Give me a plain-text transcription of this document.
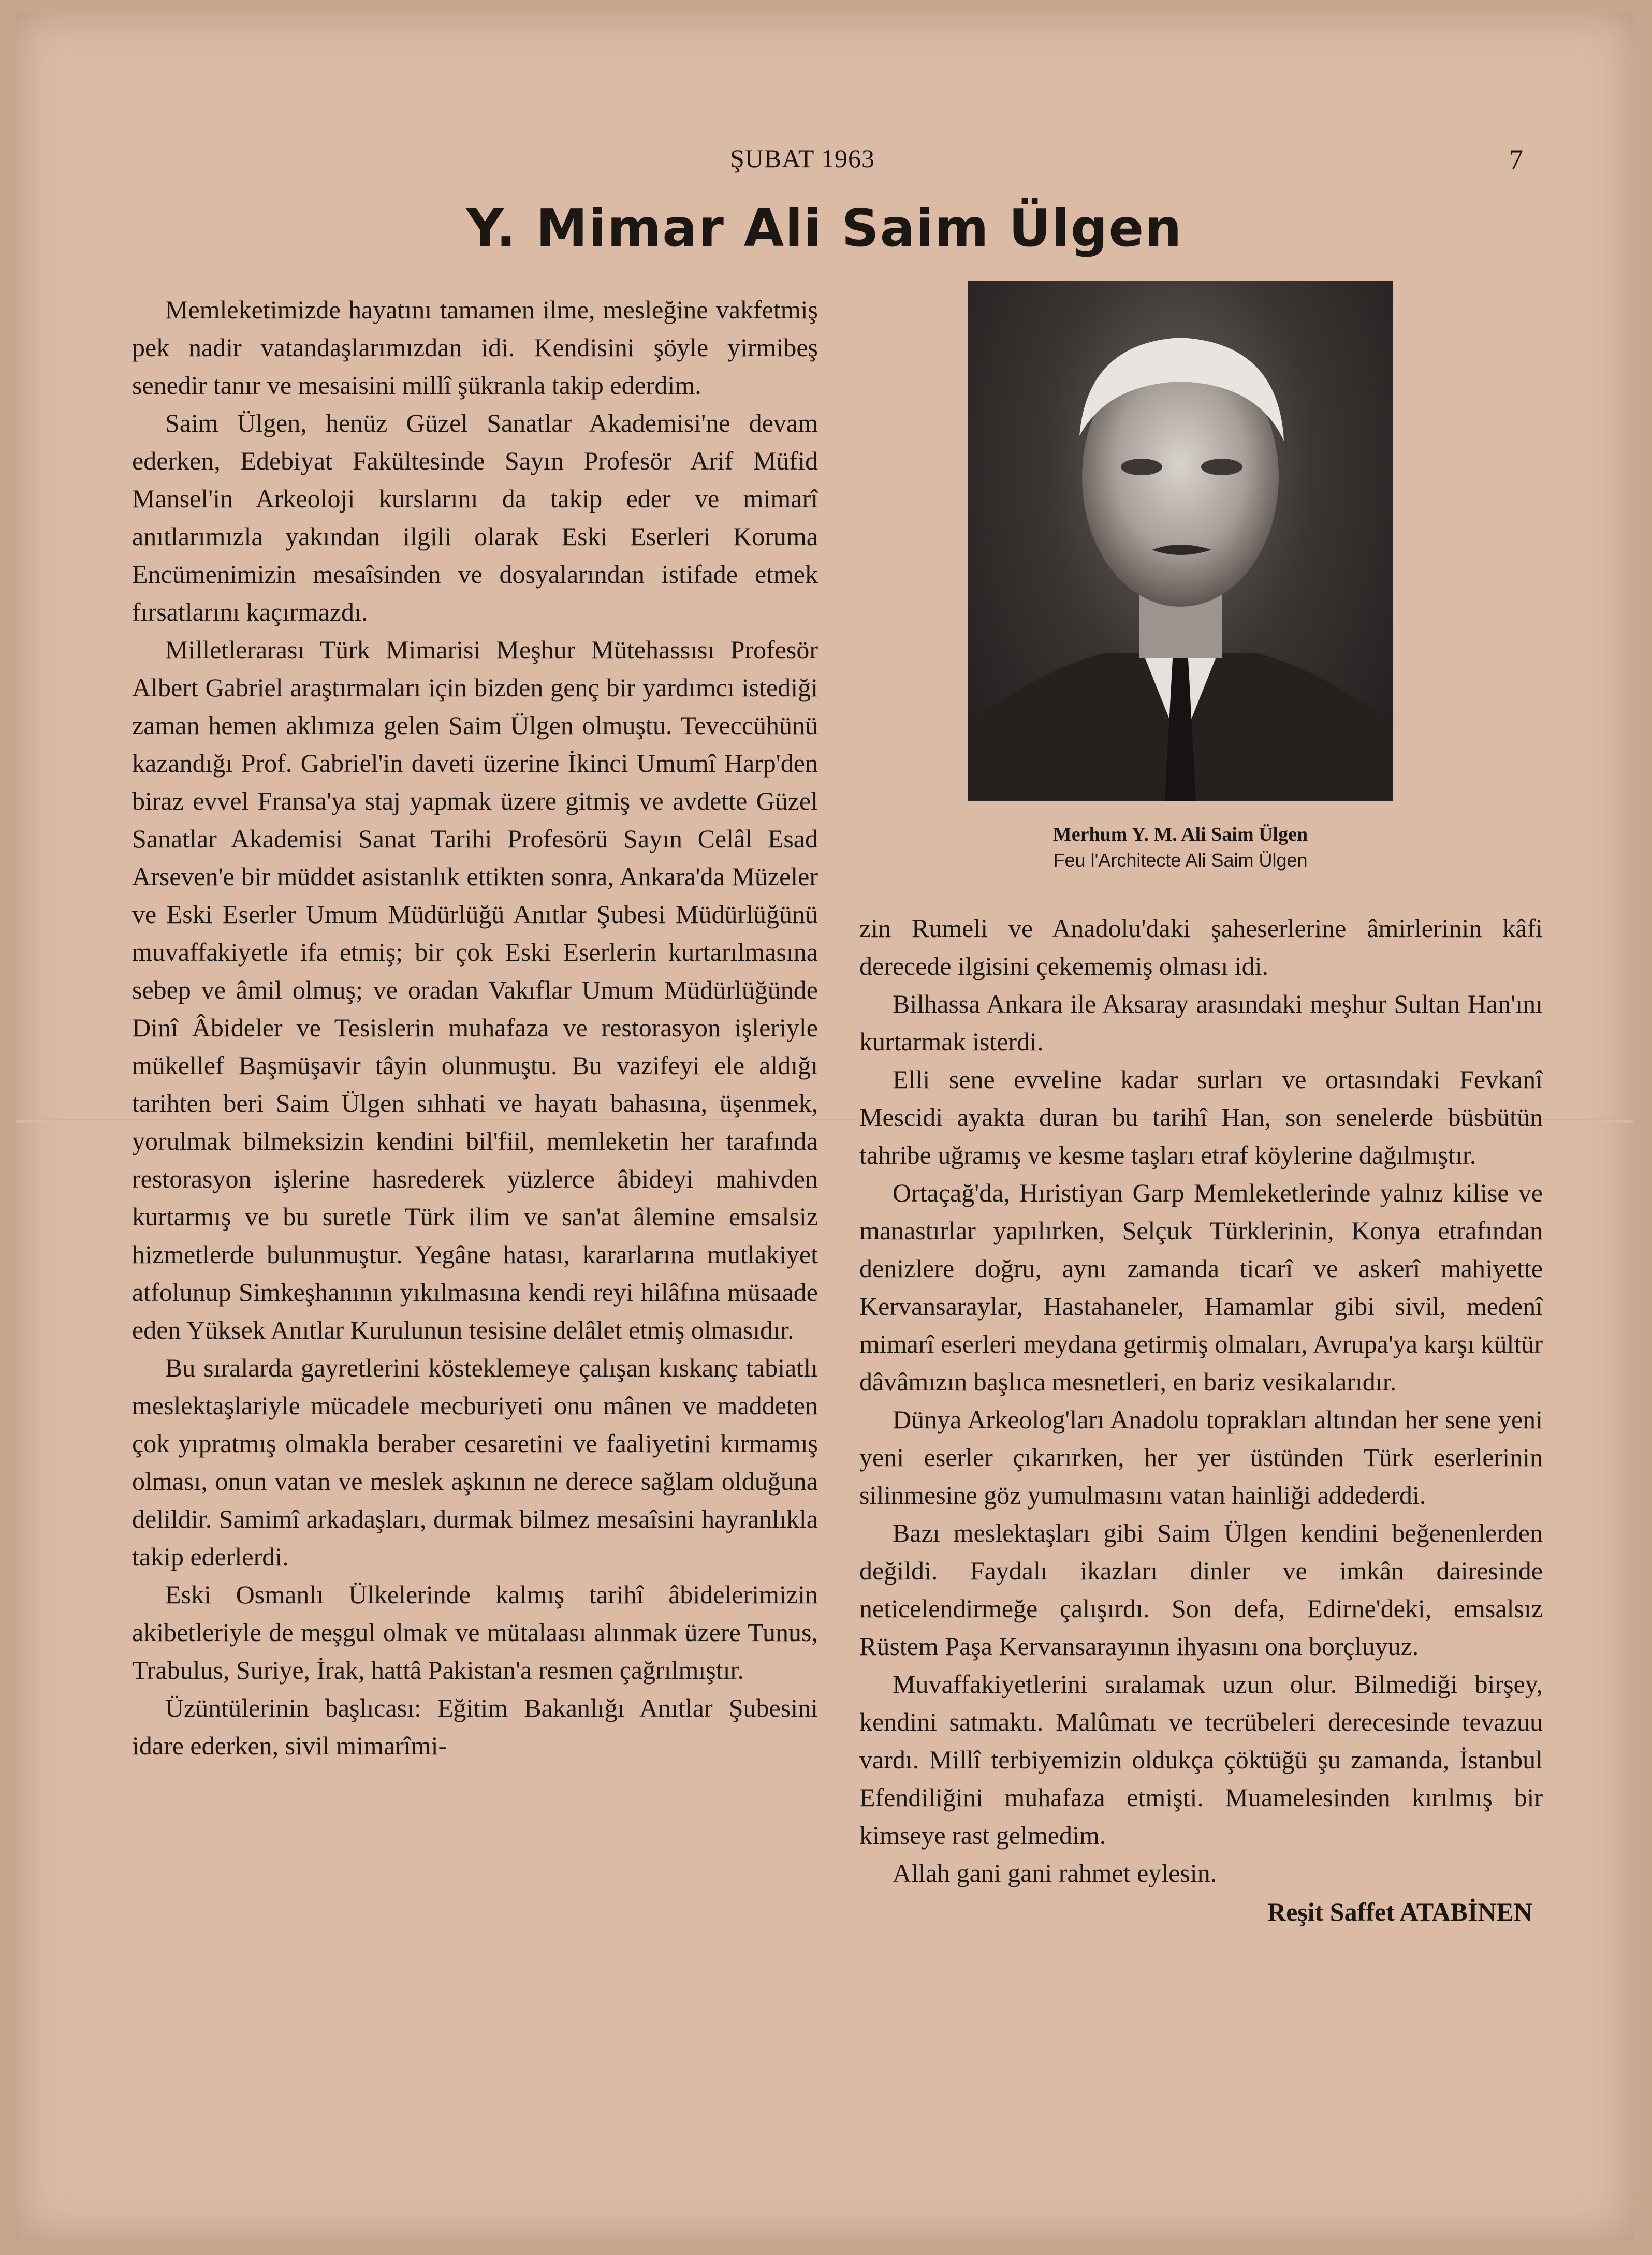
ŞUBAT 1963	7
Y. Mimar Ali Saim Ülgen

Memleketimizde hayatını tamamen ilme, mesleğine vakfetmiş pek nadir vatandaşlarımızdan idi. Kendisini şöyle yirmibeş senedir tanır ve mesaisini millî şükranla takip ederdim.

Saim Ülgen, henüz Güzel Sanatlar Akademisi'ne devam ederken, Edebiyat Fakültesinde Sayın Profesör Arif Müfid Mansel'in Arkeoloji kurslarını da takip eder ve mimarî anıtlarımızla yakından ilgili olarak Eski Eserleri Koruma Encümenimizin mesaîsinden ve dosyalarından istifade etmek fırsatlarını kaçırmazdı.

Milletlerarası Türk Mimarisi Meşhur Mütehassısı Profesör Albert Gabriel araştırmaları için bizden genç bir yardımcı istediği zaman hemen aklımıza gelen Saim Ülgen olmuştu. Teveccühünü kazandığı Prof. Gabriel'in daveti üzerine İkinci Umumî Harp'den biraz evvel Fransa'ya staj yapmak üzere gitmiş ve avdette Güzel Sanatlar Akademisi Sanat Tarihi Profesörü Sayın Celâl Esad Arseven'e bir müddet asistanlık ettikten sonra, Ankara'da Müzeler ve Eski Eserler Umum Müdürlüğü Anıtlar Şubesi Müdürlüğünü muvaffakiyetle ifa etmiş; bir çok Eski Eserlerin kurtarılmasına sebep ve âmil olmuş; ve oradan Vakıflar Umum Müdürlüğünde Dinî Âbideler ve Tesislerin muhafaza ve restorasyon işleriyle mükellef Başmüşavir tâyin olunmuştu. Bu vazifeyi ele aldığı tarihten beri Saim Ülgen sıhhati ve hayatı bahasına, üşenmek, yorulmak bilmeksizin kendini bil'fiil, memleketin her tarafında restorasyon işlerine hasrederek yüzlerce âbideyi mahivden kurtarmış ve bu suretle Türk ilim ve san'at âlemine emsalsiz hizmetlerde bulunmuştur. Yegâne hatası, kararlarına mutlakiyet atfolunup Simkeşhanının yıkılmasına kendi reyi hilâfına müsaade eden Yüksek Anıtlar Kurulunun tesisine delâlet etmiş olmasıdır.

Bu sıralarda gayretlerini kösteklemeye çalışan kıskanç tabiatlı meslektaşlariyle mücadele mecburiyeti onu mânen ve maddeten çok yıpratmış olmakla beraber cesaretini ve faaliyetini kırmamış olması, onun vatan ve meslek aşkının ne derece sağlam olduğuna delildir. Samimî arkadaşları, durmak bilmez mesaîsini hayranlıkla takip ederlerdi.

Eski Osmanlı Ülkelerinde kalmış tarihî âbidelerimizin akibetleriyle de meşgul olmak ve mütalaası alınmak üzere Tunus, Trabulus, Suriye, İrak, hattâ Pakistan'a resmen çağrılmıştır.

Üzüntülerinin başlıcası: Eğitim Bakanlığı Anıtlar Şubesini idare ederken, sivil mimarîmi-

Merhum Y. M. Ali Saim Ülgen
Feu l'Architecte Ali Saim Ülgen

zin Rumeli ve Anadolu'daki şaheserlerine âmirlerinin kâfi derecede ilgisini çekememiş olması idi.

Bilhassa Ankara ile Aksaray arasındaki meşhur Sultan Han'ını kurtarmak isterdi.

Elli sene evveline kadar surları ve ortasındaki Fevkanî Mescidi ayakta duran bu tarihî Han, son senelerde büsbütün tahribe uğramış ve kesme taşları etraf köylerine dağılmıştır.

Ortaçağ'da, Hıristiyan Garp Memleketlerinde yalnız kilise ve manastırlar yapılırken, Selçuk Türklerinin, Konya etrafından denizlere doğru, aynı zamanda ticarî ve askerî mahiyette Kervansaraylar, Hastahaneler, Hamamlar gibi sivil, medenî mimarî eserleri meydana getirmiş olmaları, Avrupa'ya karşı kültür dâvâmızın başlıca mesnetleri, en bariz vesikalarıdır.

Dünya Arkeolog'ları Anadolu toprakları altından her sene yeni yeni eserler çıkarırken, her yer üstünden Türk eserlerinin silinmesine göz yumulmasını vatan hainliği addederdi.

Bazı meslektaşları gibi Saim Ülgen kendini beğenenlerden değildi. Faydalı ikazları dinler ve imkân dairesinde neticelendirmeğe çalışırdı. Son defa, Edirne'deki, emsalsız Rüstem Paşa Kervansarayının ihyasını ona borçluyuz.

Muvaffakiyetlerini sıralamak uzun olur. Bilmediği birşey, kendini satmaktı. Malûmatı ve tecrübeleri derecesinde tevazuu vardı. Millî terbiyemizin oldukça çöktüğü şu zamanda, İstanbul Efendiliğini muhafaza etmişti. Muamelesinden kırılmış bir kimseye rast gelmedim.

Allah gani gani rahmet eylesin.

Reşit Saffet ATABİNEN
